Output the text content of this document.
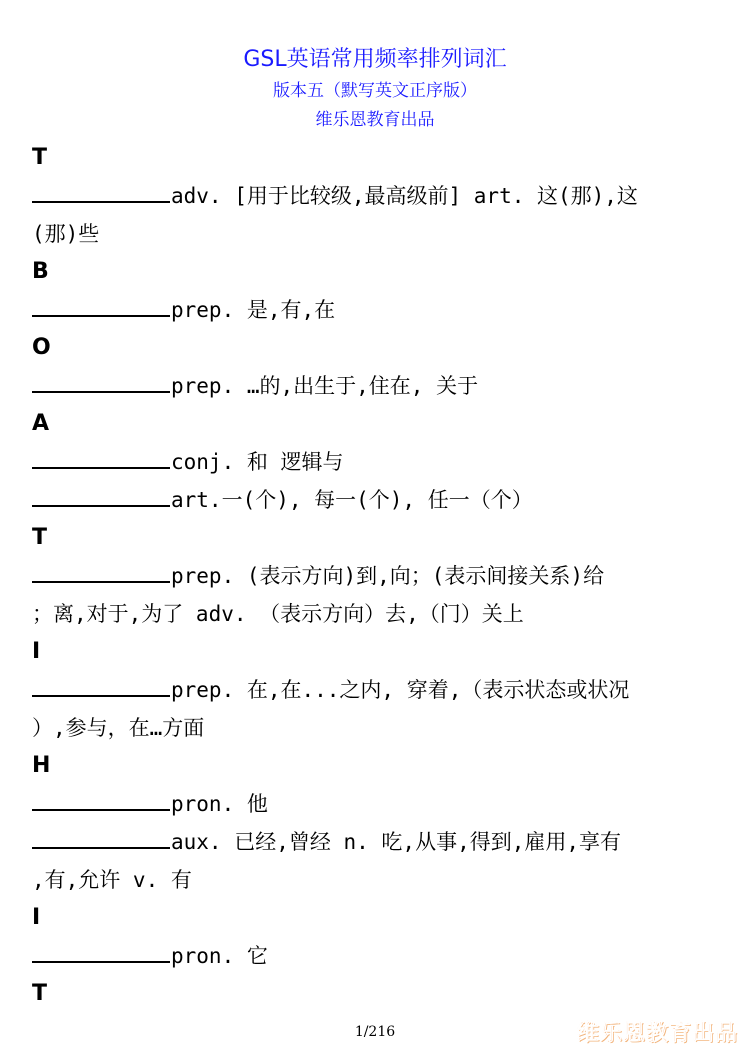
GSL英语常用频率排列词汇
版本五（默写英文正序版）
维乐恩教育出品
T
adv. [用于比较级,最高级前] art. 这(那),这
(那)些
B
prep. 是,有,在
O
prep. …的,出生于,住在, 关于
A
conj. 和 逻辑与
art.一(个), 每一(个), 任一（个）
T
prep. (表示方向)到,向；(表示间接关系)给
；离,对于,为了 adv. （表示方向）去,（门）关上
I
prep. 在,在...之内, 穿着,（表示状态或状况
）,参与，在…方面
H
pron. 他
aux. 已经,曾经 n. 吃,从事,得到,雇用,享有
,有,允许 v. 有
I
pron. 它
T
1/216	维乐恩教育出品
